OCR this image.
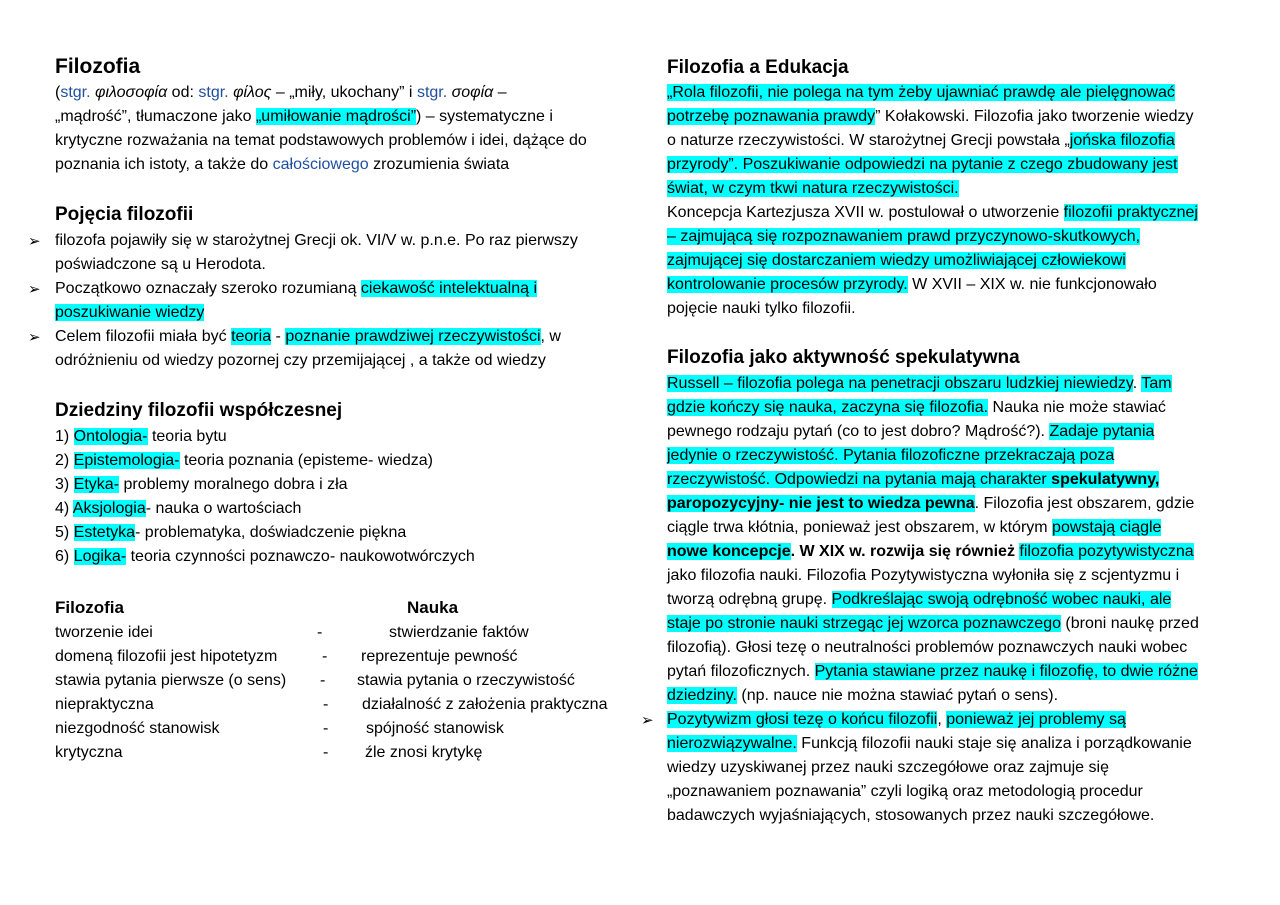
Filozofia
(stgr. φιλοσοφία od: stgr. φίλος – „miły, ukochany” i stgr. σοφία –
„mądrość”, tłumaczone jako „umiłowanie mądrości”) – systematyczne i
krytyczne rozważania na temat podstawowych problemów i idei, dążące do
poznania ich istoty, a także do całościowego zrozumienia świata
Pojęcia filozofii
➢ filozofa pojawiły się w starożytnej Grecji ok. VI/V w. p.n.e. Po raz pierwszy
poświadczone są u Herodota.
➢ Początkowo oznaczały szeroko rozumianą ciekawość intelektualną i
poszukiwanie wiedzy
➢ Celem filozofii miała być teoria - poznanie prawdziwej rzeczywistości, w
odróżnieniu od wiedzy pozornej czy przemijającej , a także od wiedzy
Dziedziny filozofii współczesnej
1) Ontologia- teoria bytu
2) Epistemologia- teoria poznania (episteme- wiedza)
3) Etyka- problemy moralnego dobra i zła
4) Aksjologia- nauka o wartościach
5) Estetyka- problematyka, doświadczenie piękna
6) Logika- teoria czynności poznawczo- naukowotwórczych
Filozofia	Nauka
tworzenie idei	-	stwierdzanie faktów
domeną filozofii jest hipotetyzm	- reprezentuje pewność
stawia pytania pierwsze (o sens) - stawia pytania o rzeczywistość
niepraktyczna	- działalność z założenia praktyczna
niezgodność stanowisk	- spójność stanowisk
krytyczna	- źle znosi krytykę
Filozofia a Edukacja
„Rola filozofii, nie polega na tym żeby ujawniać prawdę ale pielęgnować
potrzebę poznawania prawdy” Kołakowski. Filozofia jako tworzenie wiedzy
o naturze rzeczywistości. W starożytnej Grecji powstała „jońska filozofia
przyrody”. Poszukiwanie odpowiedzi na pytanie z czego zbudowany jest
świat, w czym tkwi natura rzeczywistości.
Koncepcja Kartezjusza XVII w. postulował o utworzenie filozofii praktycznej
– zajmującą się rozpoznawaniem prawd przyczynowo-skutkowych,
zajmującej się dostarczaniem wiedzy umożliwiającej człowiekowi
kontrolowanie procesów przyrody. W XVII – XIX w. nie funkcjonowało
pojęcie nauki tylko filozofii.
Filozofia jako aktywność spekulatywna
Russell – filozofia polega na penetracji obszaru ludzkiej niewiedzy. Tam
gdzie kończy się nauka, zaczyna się filozofia. Nauka nie może stawiać
pewnego rodzaju pytań (co to jest dobro? Mądrość?). Zadaje pytania
jedynie o rzeczywistość. Pytania filozoficzne przekraczają poza
rzeczywistość. Odpowiedzi na pytania mają charakter spekulatywny,
paropozycyjny- nie jest to wiedza pewna. Filozofia jest obszarem, gdzie
ciągle trwa kłótnia, ponieważ jest obszarem, w którym powstają ciągle
nowe koncepcje. W XIX w. rozwija się również filozofia pozytywistyczna
jako filozofia nauki. Filozofia Pozytywistyczna wyłoniła się z scjentyzmu i
tworzą odrębną grupę. Podkreślając swoją odrębność wobec nauki, ale
staje po stronie nauki strzegąc jej wzorca poznawczego (broni naukę przed
filozofią). Głosi tezę o neutralności problemów poznawczych nauki wobec
pytań filozoficznych. Pytania stawiane przez naukę i filozofię, to dwie różne
dziedziny. (np. nauce nie można stawiać pytań o sens).
➢ Pozytywizm głosi tezę o końcu filozofii, ponieważ jej problemy są
nierozwiązywalne. Funkcją filozofii nauki staje się analiza i porządkowanie
wiedzy uzyskiwanej przez nauki szczegółowe oraz zajmuje się
„poznawaniem poznawania” czyli logiką oraz metodologią procedur
badawczych wyjaśniających, stosowanych przez nauki szczegółowe.
